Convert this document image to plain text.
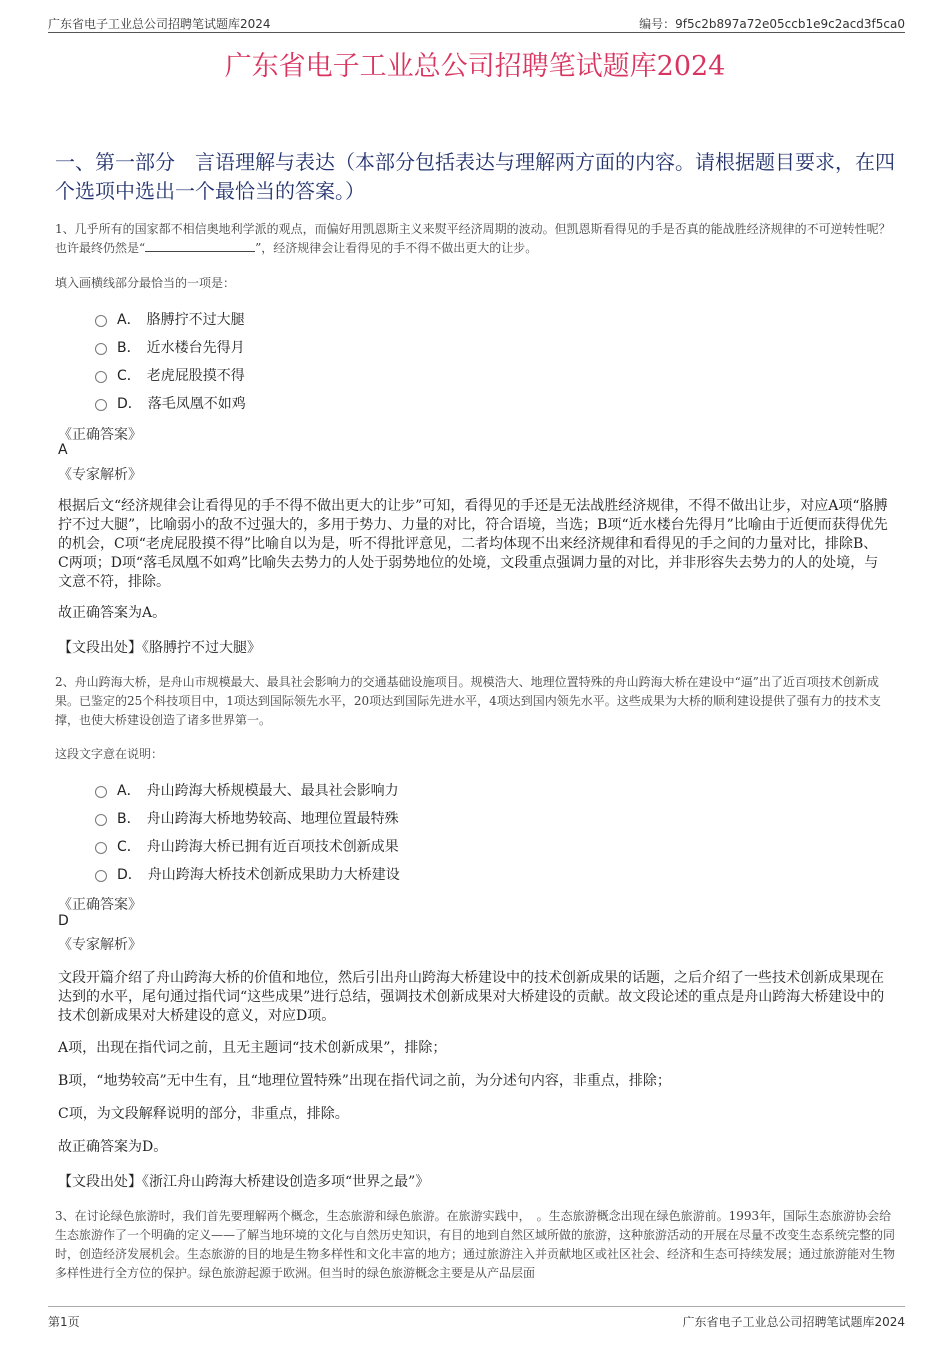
广东省电子工业总公司招聘笔试题库2024	编号：9f5c2b897a72e05ccb1e9c2acd3f5ca0
广东省电子工业总公司招聘笔试题库2024
一、第一部分　言语理解与表达（本部分包括表达与理解两方面的内容。请根据题目要求，在四个选项中选出一个最恰当的答案。）
1、几乎所有的国家都不相信奥地利学派的观点，而偏好用凯恩斯主义来熨平经济周期的波动。但凯恩斯看得见的手是否真的能战胜经济规律的不可逆转性呢？也许最终仍然是“	”，经济规律会让看得见的手不得不做出更大的让步。
填入画横线部分最恰当的一项是：
A． 胳膊拧不过大腿
B． 近水楼台先得月
C． 老虎屁股摸不得
D． 落毛凤凰不如鸡
《正确答案》
A
《专家解析》
根据后文“经济规律会让看得见的手不得不做出更大的让步”可知，看得见的手还是无法战胜经济规律，不得不做出让步，对应A项“胳膊拧不过大腿”，比喻弱小的敌不过强大的，多用于势力、力量的对比，符合语境，当选；B项“近水楼台先得月”比喻由于近便而获得优先的机会，C项“老虎屁股摸不得”比喻自以为是，听不得批评意见，二者均体现不出来经济规律和看得见的手之间的力量对比，排除B、C两项；D项“落毛凤凰不如鸡”比喻失去势力的人处于弱势地位的处境，文段重点强调力量的对比，并非形容失去势力的人的处境，与文意不符，排除。
故正确答案为A。
【文段出处】《胳膊拧不过大腿》
2、舟山跨海大桥，是舟山市规模最大、最具社会影响力的交通基础设施项目。规模浩大、地理位置特殊的舟山跨海大桥在建设中“逼”出了近百项技术创新成果。已鉴定的25个科技项目中，1项达到国际领先水平，20项达到国际先进水平，4项达到国内领先水平。这些成果为大桥的顺利建设提供了强有力的技术支撑，也使大桥建设创造了诸多世界第一。
这段文字意在说明：
A． 舟山跨海大桥规模最大、最具社会影响力
B． 舟山跨海大桥地势较高、地理位置最特殊
C． 舟山跨海大桥已拥有近百项技术创新成果
D． 舟山跨海大桥技术创新成果助力大桥建设
《正确答案》
D
《专家解析》
文段开篇介绍了舟山跨海大桥的价值和地位，然后引出舟山跨海大桥建设中的技术创新成果的话题，之后介绍了一些技术创新成果现在达到的水平，尾句通过指代词“这些成果”进行总结，强调技术创新成果对大桥建设的贡献。故文段论述的重点是舟山跨海大桥建设中的技术创新成果对大桥建设的意义，对应D项。
A项，出现在指代词之前，且无主题词“技术创新成果”，排除；
B项，“地势较高”无中生有，且“地理位置特殊”出现在指代词之前，为分述句内容，非重点，排除；
C项，为文段解释说明的部分，非重点，排除。
故正确答案为D。
【文段出处】《浙江舟山跨海大桥建设创造多项“世界之最”》
3、在讨论绿色旅游时，我们首先要理解两个概念，生态旅游和绿色旅游。在旅游实践中，　。生态旅游概念出现在绿色旅游前。1993年，国际生态旅游协会给生态旅游作了一个明确的定义——了解当地环境的文化与自然历史知识，有目的地到自然区域所做的旅游，这种旅游活动的开展在尽量不改变生态系统完整的同时，创造经济发展机会。生态旅游的目的地是生物多样性和文化丰富的地方；通过旅游注入并贡献地区或社区社会、经济和生态可持续发展；通过旅游能对生物多样性进行全方位的保护。绿色旅游起源于欧洲。但当时的绿色旅游概念主要是从产品层面
第1页	广东省电子工业总公司招聘笔试题库2024
